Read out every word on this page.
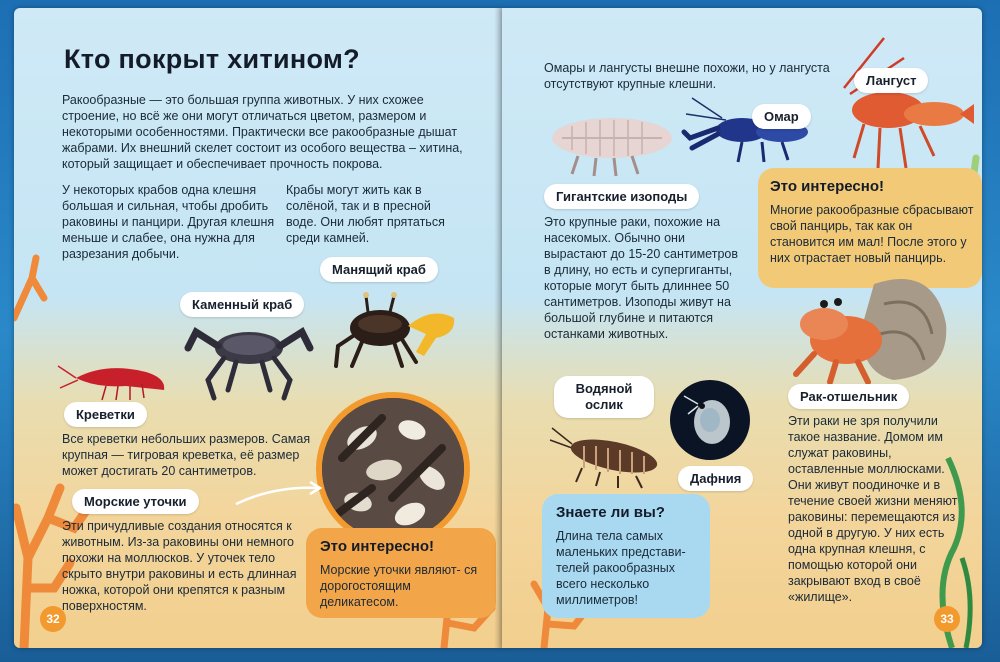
Кто покрыт хитином?
Ракообразные — это большая группа животных. У них схожее строение, но всё же они могут отличаться цветом, размером и некоторыми особенностями. Практически все ракообразные дышат жабрами. Их внешний скелет состоит из особого вещества – хитина, который защищает и обеспечивает прочность покрова.
У некоторых крабов одна клешня большая и сильная, чтобы дробить раковины и панцири. Другая клешня меньше и слабее, она нужна для разрезания добычи.
Крабы могут жить как в солёной, так и в пресной воде. Они любят прятаться среди камней.
Манящий краб
Каменный краб
Креветки
Все креветки небольших размеров. Самая крупная — тигровая креветка, её размер может достигать 20 сантиметров.
Морские уточки
Эти причудливые создания относятся к животным. Из-за раковины они немного похожи на моллюсков. У уточек тело скрыто внутри раковины и есть длинная ножка, которой они крепятся к разным поверхностям.
Это интересно!
Морские уточки являют- ся дорогостоящим деликатесом.
32
Омары и лангусты внешне похожи, но у лангуста отсутствуют крупные клешни.	Лангуст
Омар
Гигантские изоподы
Это крупные раки, похожие на насекомых. Обычно они вырастают до 15-20 сантиметров в длину, но есть и супергиганты, которые могут быть длиннее 50 сантиметров. Изоподы живут на большой глубине и питаются останками животных.
Это интересно!
Многие ракообразные сбрасывают свой панцирь, так как он становится им мал! После этого у них отрастает новый панцирь.
Рак-отшельник
Эти раки не зря получили такое название. Домом им служат раковины, оставленные моллюсками. Они живут поодиночке и в течение своей жизни меняют раковины: перемещаются из одной в другую. У них есть одна крупная клешня, с помощью которой они закрывают вход в своё «жилище».
Водяной ослик
Дафния
Знаете ли вы?
Длина тела самых маленьких представи- телей ракообразных всего несколько миллиметров!
33
